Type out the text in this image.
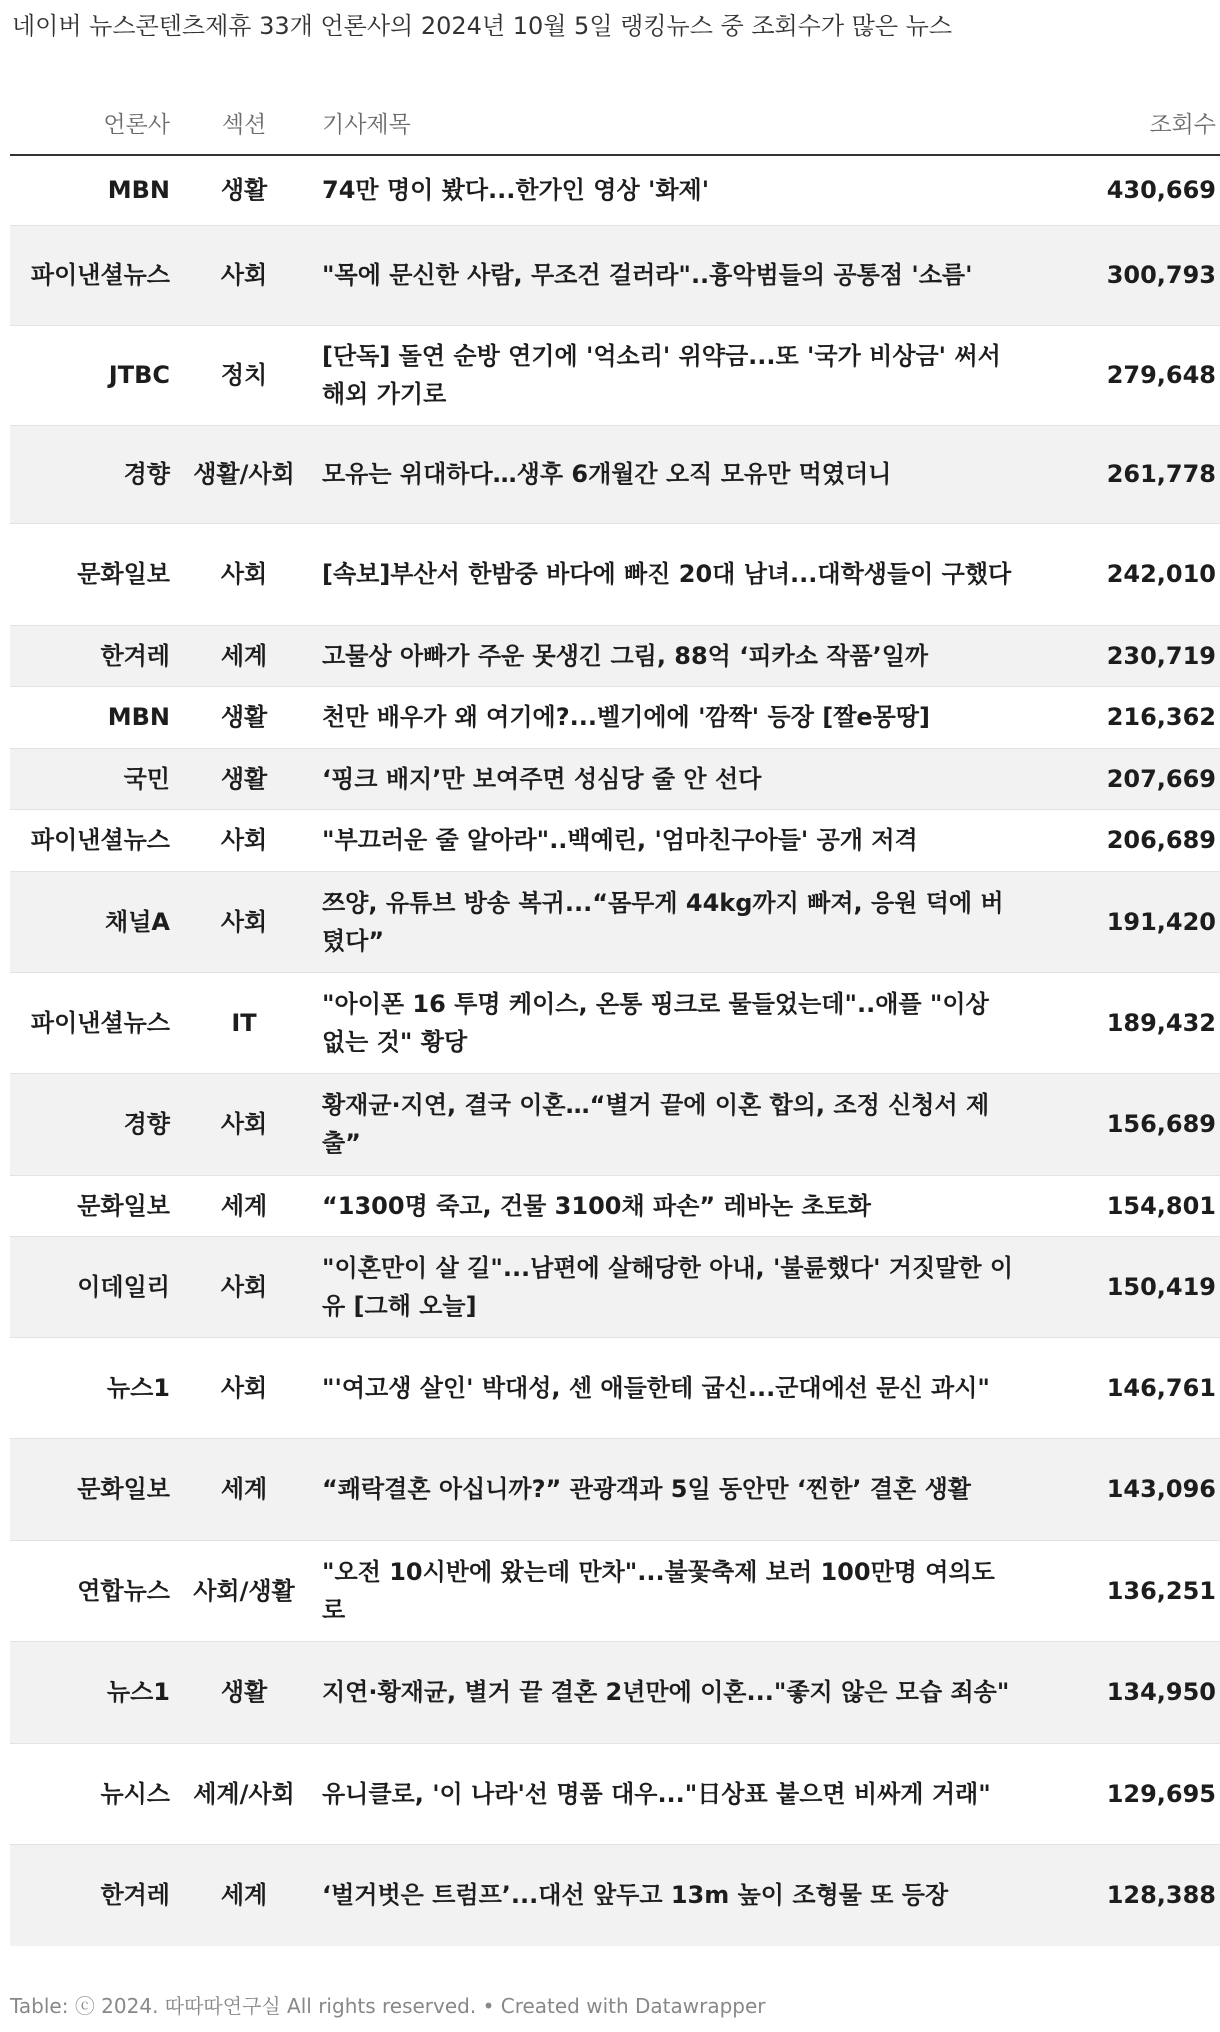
네이버 뉴스콘텐츠제휴 33개 언론사의 2024년 10월 5일 랭킹뉴스 중 조회수가 많은 뉴스
언론사	섹션	기사제목	조회수
MBN	생활	74만 명이 봤다...한가인 영상 '화제'	430,669
파이낸셜뉴스	사회	"목에 문신한 사람, 무조건 걸러라"..흉악범들의 공통점 '소름'	300,793
JTBC	정치	[단독] 돌연 순방 연기에 '억소리' 위약금...또 '국가 비상금' 써서 해외 가기로	279,648
경향	생활/사회	모유는 위대하다…생후 6개월간 오직 모유만 먹였더니	261,778
문화일보	사회	[속보]부산서 한밤중 바다에 빠진 20대 남녀...대학생들이 구했다	242,010
한겨레	세계	고물상 아빠가 주운 못생긴 그림, 88억 ‘피카소 작품’일까	230,719
MBN	생활	천만 배우가 왜 여기에?...벨기에에 '깜짝' 등장 [짤e몽땅]	216,362
국민	생활	‘핑크 배지’만 보여주면 성심당 줄 안 선다	207,669
파이낸셜뉴스	사회	"부끄러운 줄 알아라"..백예린, '엄마친구아들' 공개 저격	206,689
채널A	사회	쯔양, 유튜브 방송 복귀...“몸무게 44kg까지 빠져, 응원 덕에 버텼다”	191,420
파이낸셜뉴스	IT	"아이폰 16 투명 케이스, 온통 핑크로 물들었는데"..애플 "이상 없는 것" 황당	189,432
경향	사회	황재균·지연, 결국 이혼…“별거 끝에 이혼 합의, 조정 신청서 제출”	156,689
문화일보	세계	“1300명 죽고, 건물 3100채 파손” 레바논 초토화	154,801
이데일리	사회	"이혼만이 살 길"...남편에 살해당한 아내, '불륜했다' 거짓말한 이유 [그해 오늘]	150,419
뉴스1	사회	"'여고생 살인' 박대성, 센 애들한테 굽신...군대에선 문신 과시"	146,761
문화일보	세계	“쾌락결혼 아십니까?” 관광객과 5일 동안만 ‘찐한’ 결혼 생활	143,096
연합뉴스	사회/생활	"오전 10시반에 왔는데 만차"...불꽃축제 보러 100만명 여의도로	136,251
뉴스1	생활	지연·황재균, 별거 끝 결혼 2년만에 이혼..."좋지 않은 모습 죄송"	134,950
뉴시스	세계/사회	유니클로, '이 나라'선 명품 대우..."日상표 붙으면 비싸게 거래"	129,695
한겨레	세계	‘벌거벗은 트럼프’...대선 앞두고 13m 높이 조형물 또 등장	128,388
Table: ⓒ 2024. 따따따연구실 All rights reserved. • Created with Datawrapper
